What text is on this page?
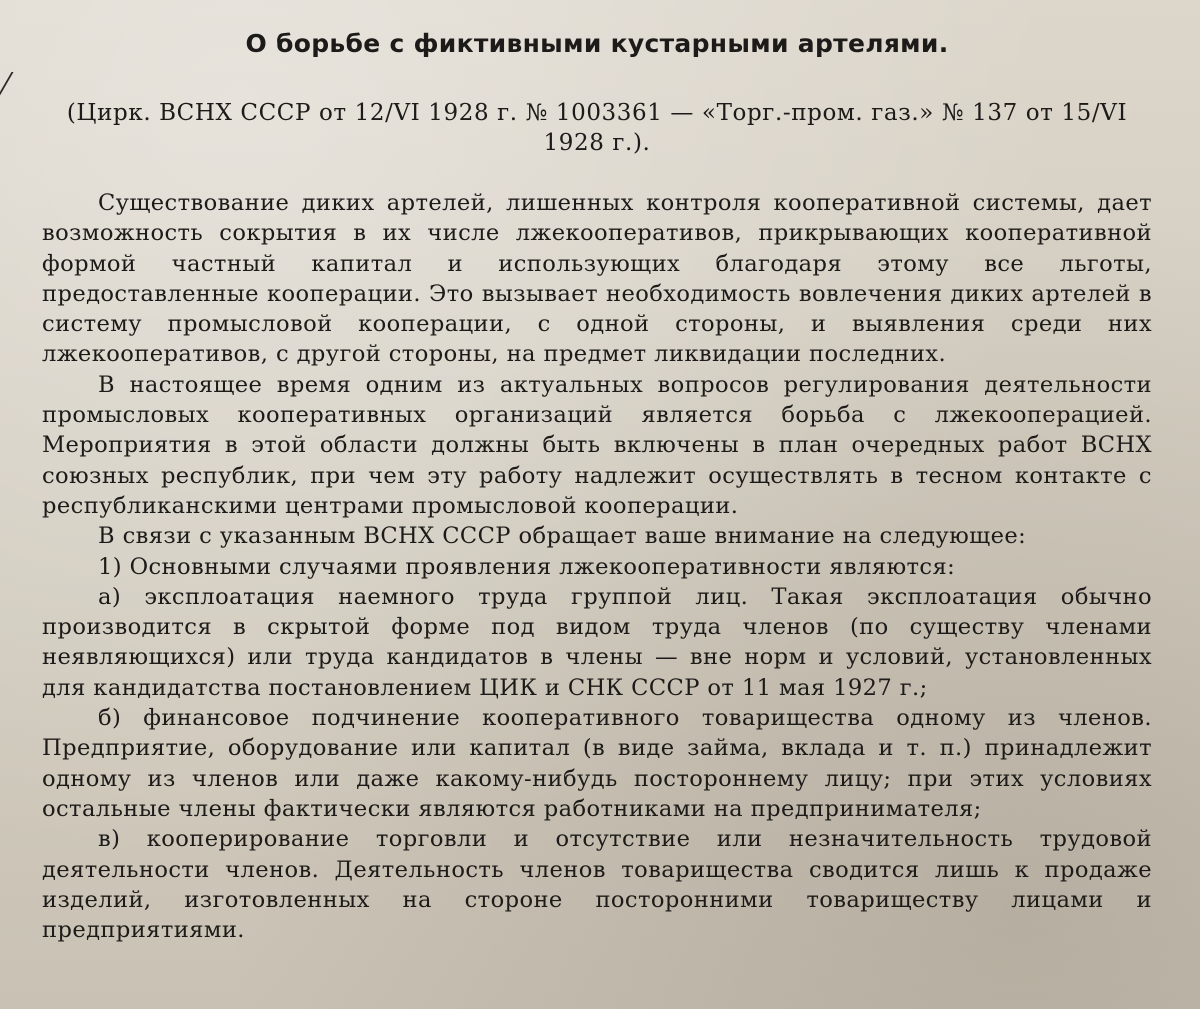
О борьбе с фиктивными кустарными артелями.
(Цирк. ВСНХ СССР от 12/VI 1928 г. № 1003361 — «Торг.-пром. газ.» № 137 от 15/VI 1928 г.).

Существование диких артелей, лишенных контроля кооперативной системы, дает возможность сокрытия в их числе лжекооперативов, прикрывающих кооперативной формой частный капитал и использующих благодаря этому все льготы, предоставленные кооперации. Это вызывает необходимость вовлечения диких артелей в систему промысловой кооперации, с одной стороны, и выявления среди них лжекооперативов, с другой стороны, на предмет ликвидации последних.

В настоящее время одним из актуальных вопросов регулирования деятельности промысловых кооперативных организаций является борьба с лжекооперацией. Мероприятия в этой области должны быть включены в план очередных работ ВСНХ союзных республик, при чем эту работу надлежит осуществлять в тесном контакте с республиканскими центрами промысловой кооперации.

В связи с указанным ВСНХ СССР обращает ваше внимание на следующее:

1) Основными случаями проявления лжекооперативности являются:

а) эксплоатация наемного труда группой лиц. Такая эксплоатация обычно производится в скрытой форме под видом труда членов (по существу членами неявляющихся) или труда кандидатов в члены — вне норм и условий, установленных для кандидатства постановлением ЦИК и СНК СССР от 11 мая 1927 г.;

б) финансовое подчинение кооперативного товарищества одному из членов. Предприятие, оборудование или капитал (в виде займа, вклада и т. п.) принадлежит одному из членов или даже какому-нибудь постороннему лицу; при этих условиях остальные члены фактически являются работниками на предпринимателя;

в) кооперирование торговли и отсутствие или незначительность трудовой деятельности членов. Деятельность членов товарищества сводится лишь к продаже изделий, изготовленных на стороне посторонними товариществу лицами и предприятиями.
